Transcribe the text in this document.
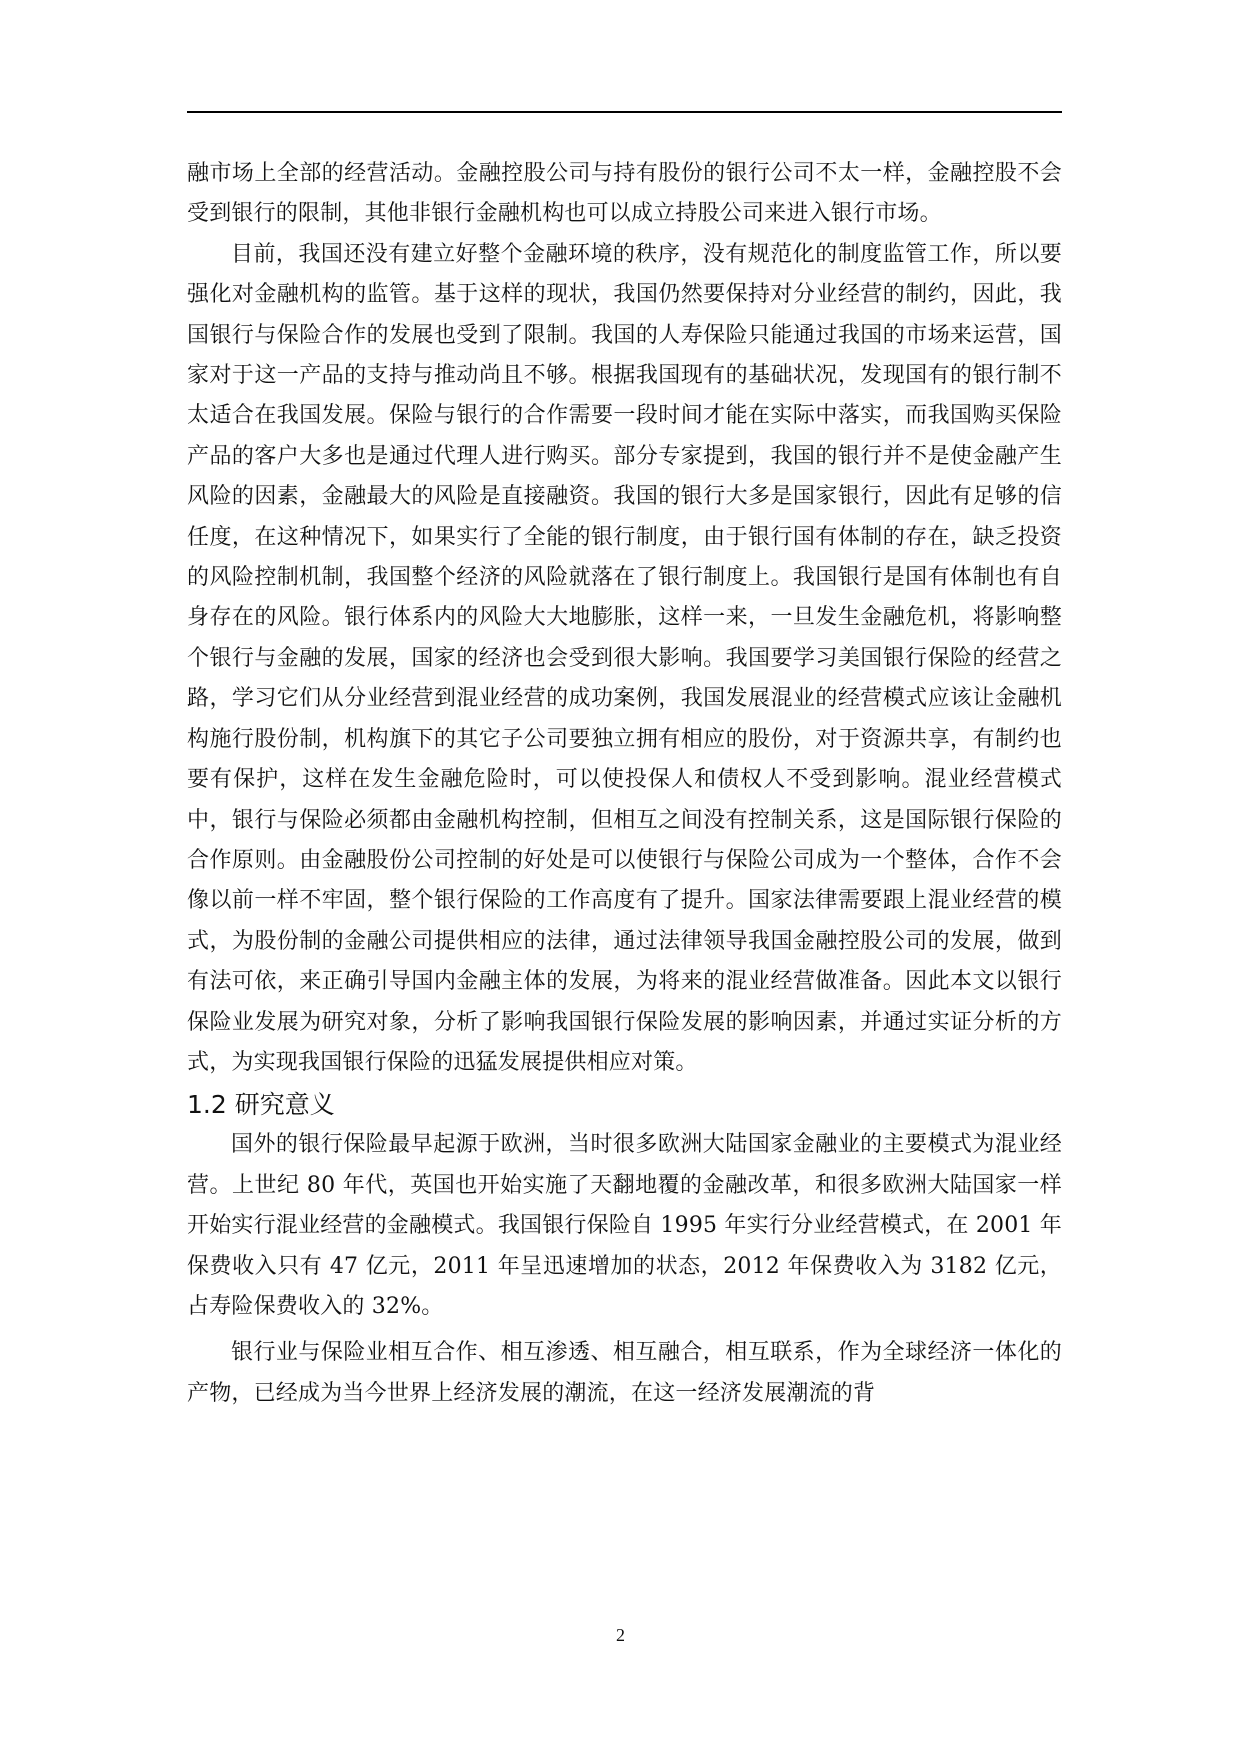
融市场上全部的经营活动。金融控股公司与持有股份的银行公司不太一样，金融控股不会受到银行的限制，其他非银行金融机构也可以成立持股公司来进入银行市场。

目前，我国还没有建立好整个金融环境的秩序，没有规范化的制度监管工作，所以要强化对金融机构的监管。基于这样的现状，我国仍然要保持对分业经营的制约，因此，我国银行与保险合作的发展也受到了限制。我国的人寿保险只能通过我国的市场来运营，国家对于这一产品的支持与推动尚且不够。根据我国现有的基础状况，发现国有的银行制不太适合在我国发展。保险与银行的合作需要一段时间才能在实际中落实，而我国购买保险产品的客户大多也是通过代理人进行购买。部分专家提到，我国的银行并不是使金融产生风险的因素，金融最大的风险是直接融资。我国的银行大多是国家银行，因此有足够的信任度，在这种情况下，如果实行了全能的银行制度，由于银行国有体制的存在，缺乏投资的风险控制机制，我国整个经济的风险就落在了银行制度上。我国银行是国有体制也有自身存在的风险。银行体系内的风险大大地膨胀，这样一来，一旦发生金融危机，将影响整个银行与金融的发展，国家的经济也会受到很大影响。我国要学习美国银行保险的经营之路，学习它们从分业经营到混业经营的成功案例，我国发展混业的经营模式应该让金融机构施行股份制，机构旗下的其它子公司要独立拥有相应的股份，对于资源共享，有制约也要有保护，这样在发生金融危险时，可以使投保人和债权人不受到影响。混业经营模式中，银行与保险必须都由金融机构控制，但相互之间没有控制关系，这是国际银行保险的合作原则。由金融股份公司控制的好处是可以使银行与保险公司成为一个整体，合作不会像以前一样不牢固，整个银行保险的工作高度有了提升。国家法律需要跟上混业经营的模式，为股份制的金融公司提供相应的法律，通过法律领导我国金融控股公司的发展，做到有法可依，来正确引导国内金融主体的发展，为将来的混业经营做准备。因此本文以银行保险业发展为研究对象，分析了影响我国银行保险发展的影响因素，并通过实证分析的方式，为实现我国银行保险的迅猛发展提供相应对策。

1.2 研究意义

国外的银行保险最早起源于欧洲，当时很多欧洲大陆国家金融业的主要模式为混业经营。上世纪 80 年代，英国也开始实施了天翻地覆的金融改革，和很多欧洲大陆国家一样开始实行混业经营的金融模式。我国银行保险自 1995 年实行分业经营模式，在 2001 年保费收入只有 47 亿元，2011 年呈迅速增加的状态，2012 年保费收入为 3182 亿元，占寿险保费收入的 32%。

银行业与保险业相互合作、相互渗透、相互融合，相互联系，作为全球经济一体化的产物，已经成为当今世界上经济发展的潮流，在这一经济发展潮流的背

2
